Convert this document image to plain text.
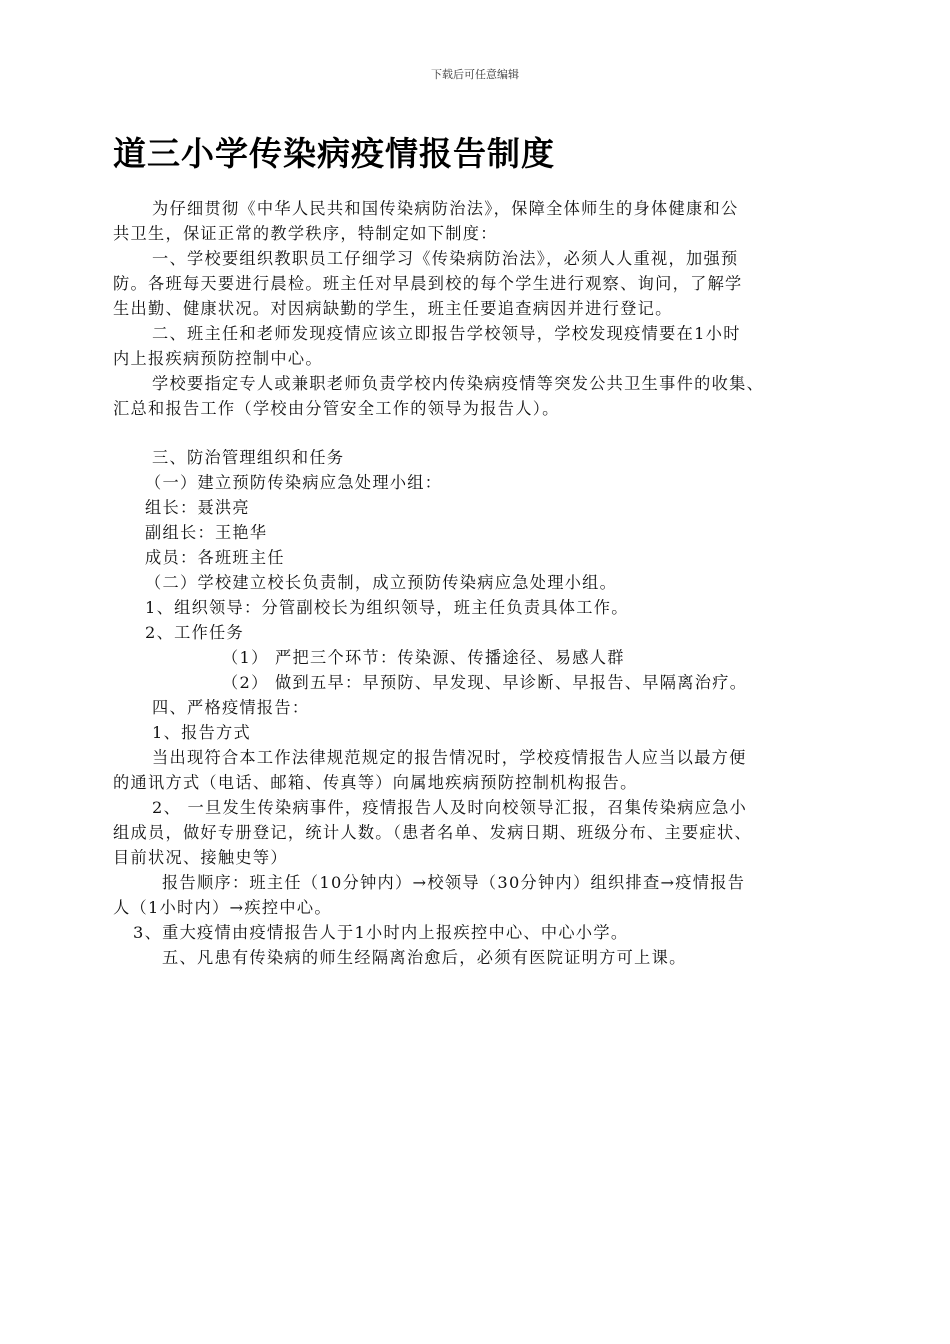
下载后可任意编辑
道三小学传染病疫情报告制度
为仔细贯彻《中华人民共和国传染病防治法》，保障全体师生的身体健康和公
共卫生，保证正常的教学秩序，特制定如下制度：
一、学校要组织教职员工仔细学习《传染病防治法》，必须人人重视，加强预
防。各班每天要进行晨检。班主任对早晨到校的每个学生进行观察、询问，了解学
生出勤、健康状况。对因病缺勤的学生，班主任要追查病因并进行登记。
二、班主任和老师发现疫情应该立即报告学校领导，学校发现疫情要在1小时
内上报疾病预防控制中心。
学校要指定专人或兼职老师负责学校内传染病疫情等突发公共卫生事件的收集、
汇总和报告工作（学校由分管安全工作的领导为报告人）。
三、防治管理组织和任务
（一）建立预防传染病应急处理小组：
组长：聂洪亮
副组长：王艳华
成员：各班班主任
（二）学校建立校长负责制，成立预防传染病应急处理小组。
1、组织领导：分管副校长为组织领导，班主任负责具体工作。
2、工作任务
（1） 严把三个环节：传染源、传播途径、易感人群
（2） 做到五早：早预防、早发现、早诊断、早报告、早隔离治疗。
四、严格疫情报告：
1、报告方式
当出现符合本工作法律规范规定的报告情况时，学校疫情报告人应当以最方便
的通讯方式（电话、邮箱、传真等）向属地疾病预防控制机构报告。
2、 一旦发生传染病事件，疫情报告人及时向校领导汇报，召集传染病应急小
组成员，做好专册登记，统计人数。（患者名单、发病日期、班级分布、主要症状、
目前状况、接触史等）
报告顺序：班主任（10分钟内）→校领导（30分钟内）组织排查→疫情报告
人（1小时内）→疾控中心。
3、重大疫情由疫情报告人于1小时内上报疾控中心、中心小学。
五、凡患有传染病的师生经隔离治愈后，必须有医院证明方可上课。
